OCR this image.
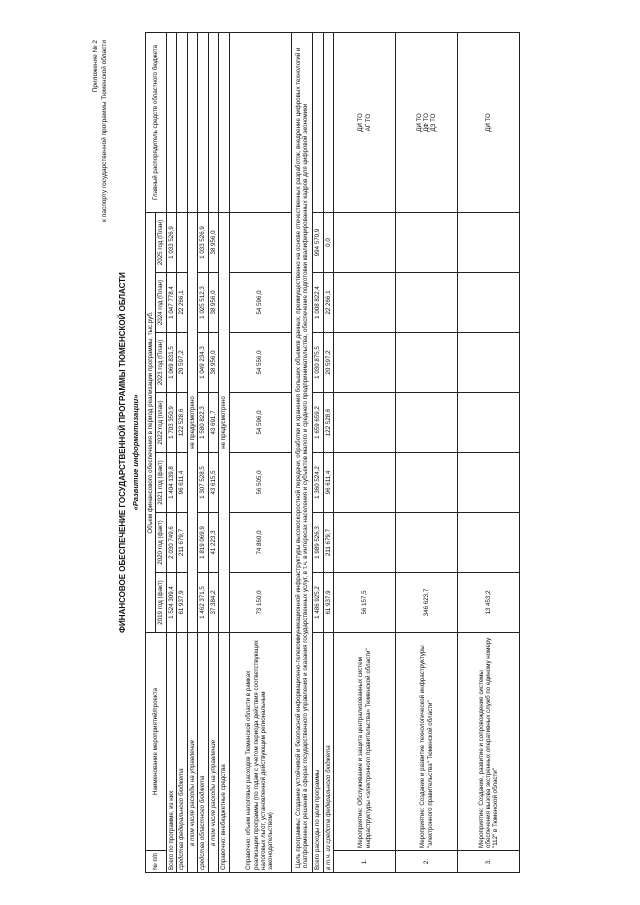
Приложение № 2 к паспорту государственной программы Тюменской области
ФИНАНСОВОЕ ОБЕСПЕЧЕНИЕ ГОСУДАРСТВЕННОЙ ПРОГРАММЫ ТЮМЕНСКОЙ ОБЛАСТИ «Развитие информатизации»
№ п/п	Наименование мероприятий/проекта	Объем финансового обеспечения в период реализации программы, тыс.руб.							Главный распорядитель средств областного бюджета
		2019 год (факт)	2020 год (факт)	2021 год (факт)	2022 год (план)	2023 год (План)	2024 год (План)	2025 год (План)	
Всего по программе, из них		1 524 309,4	2 030 749,6	1 404 139,8	1 703 350,9	1 069 831,5	1 047 778,4	1 033 526,9	
средства федерального бюджета		61 937,9	211 679,7	96 611,4	122 528,6	20 597,2	22 266,1		
в том числе расходы на управление		не предусмотрено							
средства областного бюджета		1 462 371,5	1 819 069,9	1 307 528,5	1 580 822,3	1 049 234,3	1 025 512,3	1 033 526,9	
в том числе расходы на управление		37 384,2	41 223,3	43 615,5	43 691,7	38 956,0	38 956,0	38 956,0	
Справочно: внебюджетные средства		не предусмотрено							
Справочно: объем налоговых расходов Тюменской области в рамках реализации программы (по годам с учетом периода действия соответствующих налоговых льгот, установленной действующим региональным законодательством)		73 150,0	74 860,0	56 505,0	54 596,0	54 556,0	54 596,0		
Цель программы: Создание устойчивой и безопасной информационно-телекоммуникационной инфраструктуры высокоскоростной передачи, обработки и хранения больших объемов данных, преимущественно на основе отечественных разработок, внедрение цифровых технологий и платформенных решений в сферах государственного управления и оказания государственных услуг, в т.ч. в интересах населения и субъектов малого и среднего предпринимательства, обеспечение подготовки квалифицированных кадров для цифровой экономики									
Всего расходы по цели программы		1 486 925,2	1 989 526,3	1 360 524,2	1 659 659,2	1 030 875,5	1 008 822,4	994 570,9	
в т.ч. из средств федерального бюджета		61 937,9	211 679,7	96 611,4	122 528,6	20 597,2	22 266,1	0,0	
1.	Мероприятие: Обслуживание и защита централизованных систем инфраструктуры «электронного правительства» Тюменской области"	56 157,5							ДИ ТО
АГ ТО
2.	Мероприятие: Создание и развитие технологической инфраструктуры "электронного правительства" Тюменской области"	346 623,7							ДИ ТО
ДФ ТО
ДЗ ТО
3.	Мероприятие: Создание, развитие и сопровождение системы обеспечения вызова экстренных оперативных служб по единому номеру "112" в Тюменской области"	13 453,2							ДИ ТО
